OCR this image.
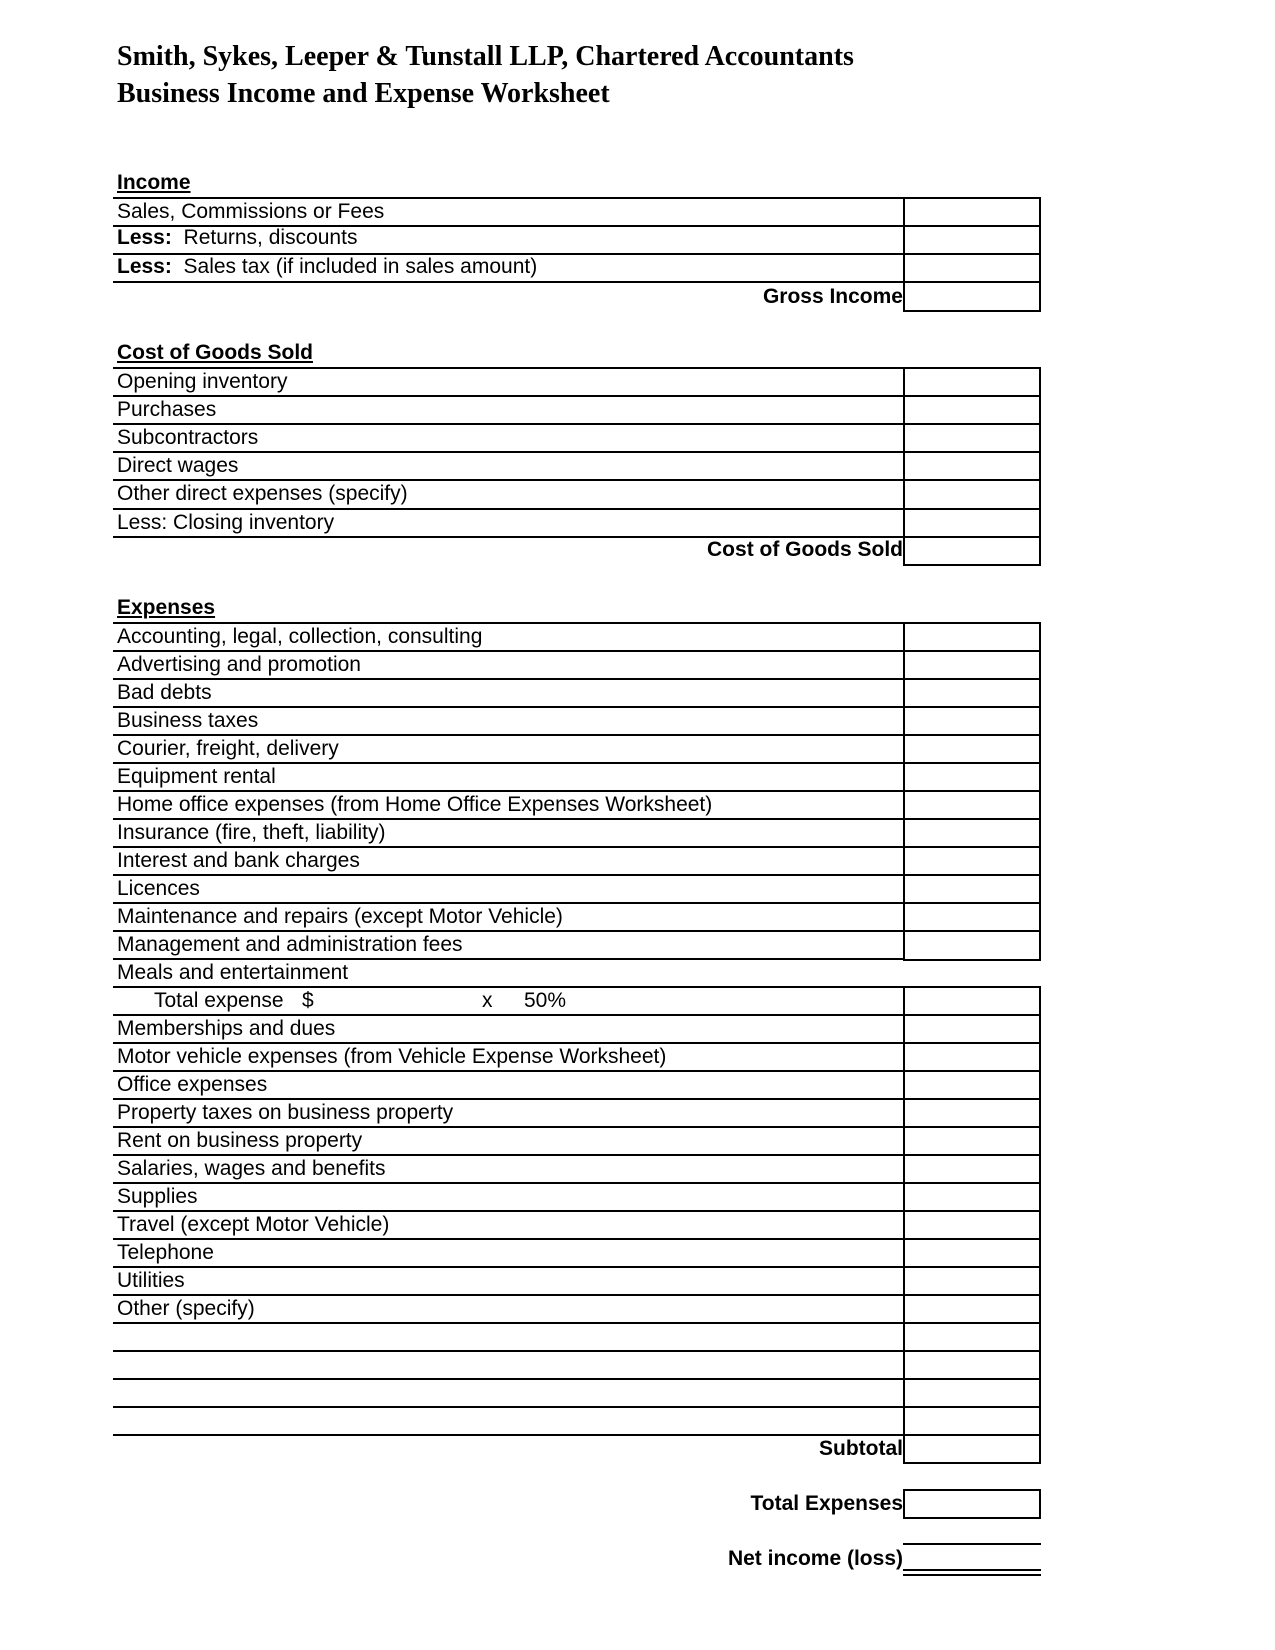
Smith, Sykes, Leeper & Tunstall LLP, Chartered Accountants
Business Income and Expense Worksheet
Income
Sales, Commissions or Fees
Less: Returns, discounts
Less: Sales tax (if included in sales amount)
Gross Income
Cost of Goods Sold
Opening inventory
Purchases
Subcontractors
Direct wages
Other direct expenses (specify)
Less: Closing inventory
Cost of Goods Sold
Expenses
Accounting, legal, collection, consulting
Advertising and promotion
Bad debts
Business taxes
Courier, freight, delivery
Equipment rental
Home office expenses (from Home Office Expenses Worksheet)
Insurance (fire, theft, liability)
Interest and bank charges
Licences
Maintenance and repairs (except Motor Vehicle)
Management and administration fees
Meals and entertainment
Total expense $	x 50%
Memberships and dues
Motor vehicle expenses (from Vehicle Expense Worksheet)
Office expenses
Property taxes on business property
Rent on business property
Salaries, wages and benefits
Supplies
Travel (except Motor Vehicle)
Telephone
Utilities
Other (specify)
Subtotal
Total Expenses
Net income (loss)
